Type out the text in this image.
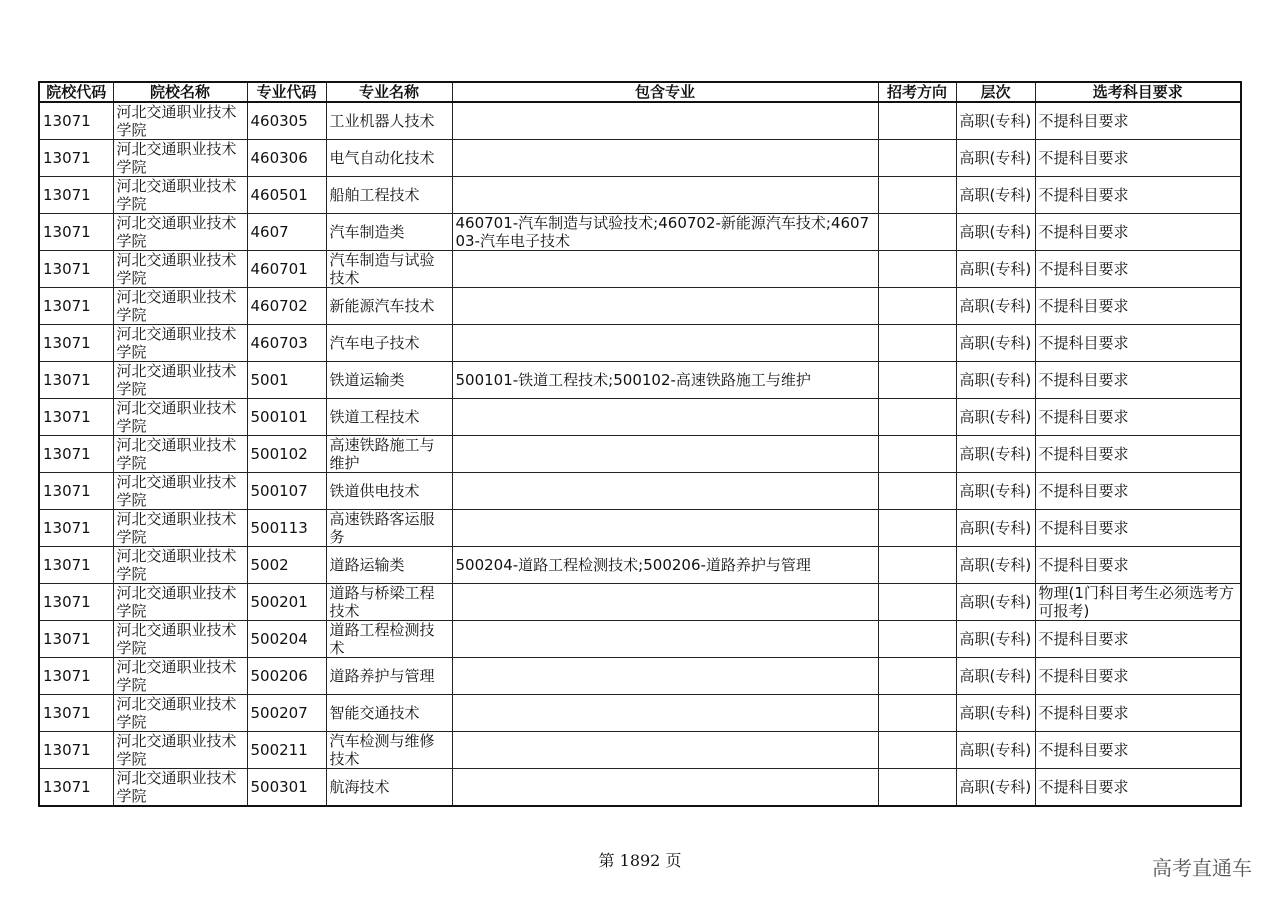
院校代码	院校名称	专业代码	专业名称	包含专业	招考方向	层次	选考科目要求
13071	河北交通职业技术学院	460305	工业机器人技术			高职(专科)	不提科目要求
13071	河北交通职业技术学院	460306	电气自动化技术			高职(专科)	不提科目要求
13071	河北交通职业技术学院	460501	船舶工程技术			高职(专科)	不提科目要求
13071	河北交通职业技术学院	4607	汽车制造类	460701-汽车制造与试验技术;460702-新能源汽车技术;460703-汽车电子技术		高职(专科)	不提科目要求
13071	河北交通职业技术学院	460701	汽车制造与试验技术			高职(专科)	不提科目要求
13071	河北交通职业技术学院	460702	新能源汽车技术			高职(专科)	不提科目要求
13071	河北交通职业技术学院	460703	汽车电子技术			高职(专科)	不提科目要求
13071	河北交通职业技术学院	5001	铁道运输类	500101-铁道工程技术;500102-高速铁路施工与维护		高职(专科)	不提科目要求
13071	河北交通职业技术学院	500101	铁道工程技术			高职(专科)	不提科目要求
13071	河北交通职业技术学院	500102	高速铁路施工与维护			高职(专科)	不提科目要求
13071	河北交通职业技术学院	500107	铁道供电技术			高职(专科)	不提科目要求
13071	河北交通职业技术学院	500113	高速铁路客运服务			高职(专科)	不提科目要求
13071	河北交通职业技术学院	5002	道路运输类	500204-道路工程检测技术;500206-道路养护与管理		高职(专科)	不提科目要求
13071	河北交通职业技术学院	500201	道路与桥梁工程技术			高职(专科)	物理(1门科目考生必须选考方可报考)
13071	河北交通职业技术学院	500204	道路工程检测技术			高职(专科)	不提科目要求
13071	河北交通职业技术学院	500206	道路养护与管理			高职(专科)	不提科目要求
13071	河北交通职业技术学院	500207	智能交通技术			高职(专科)	不提科目要求
13071	河北交通职业技术学院	500211	汽车检测与维修技术			高职(专科)	不提科目要求
13071	河北交通职业技术学院	500301	航海技术			高职(专科)	不提科目要求
第 1892 页	高考直通车
